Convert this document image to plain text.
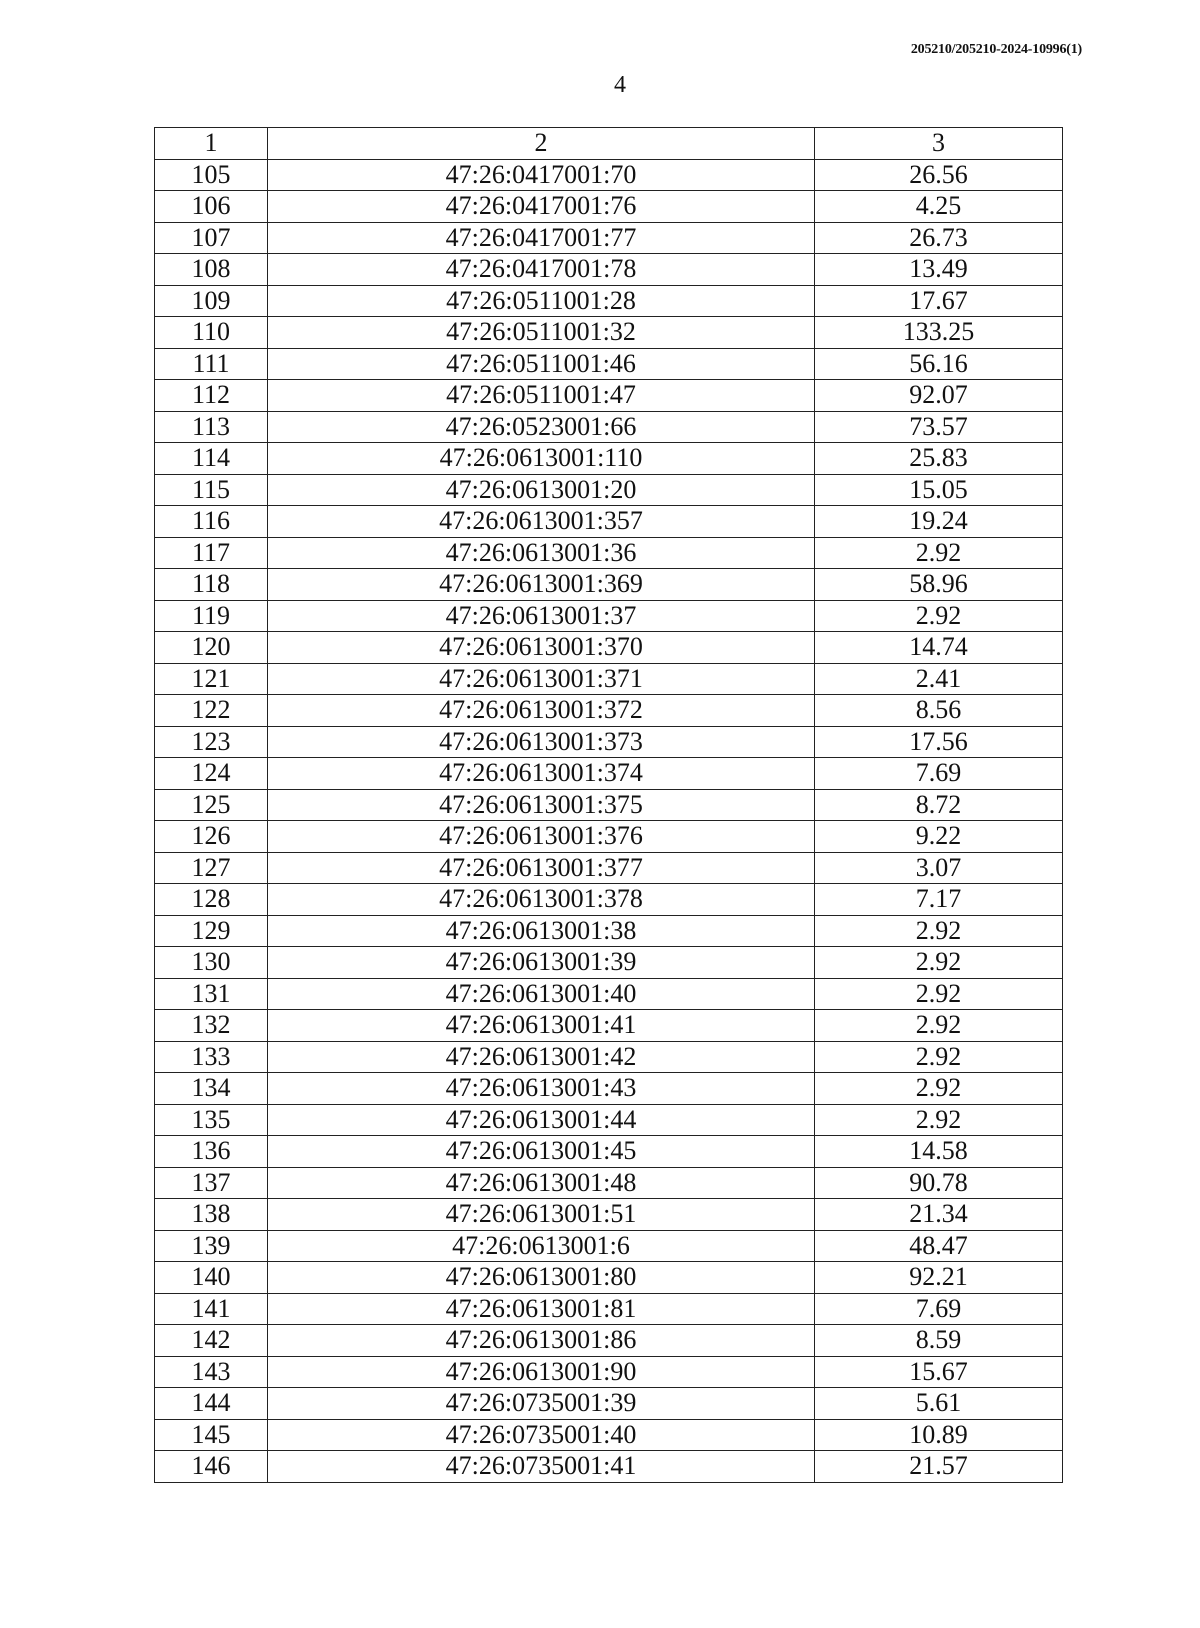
205210/205210-2024-10996(1)
4
1	2	3
105	47:26:0417001:70	26.56
106	47:26:0417001:76	4.25
107	47:26:0417001:77	26.73
108	47:26:0417001:78	13.49
109	47:26:0511001:28	17.67
110	47:26:0511001:32	133.25
111	47:26:0511001:46	56.16
112	47:26:0511001:47	92.07
113	47:26:0523001:66	73.57
114	47:26:0613001:110	25.83
115	47:26:0613001:20	15.05
116	47:26:0613001:357	19.24
117	47:26:0613001:36	2.92
118	47:26:0613001:369	58.96
119	47:26:0613001:37	2.92
120	47:26:0613001:370	14.74
121	47:26:0613001:371	2.41
122	47:26:0613001:372	8.56
123	47:26:0613001:373	17.56
124	47:26:0613001:374	7.69
125	47:26:0613001:375	8.72
126	47:26:0613001:376	9.22
127	47:26:0613001:377	3.07
128	47:26:0613001:378	7.17
129	47:26:0613001:38	2.92
130	47:26:0613001:39	2.92
131	47:26:0613001:40	2.92
132	47:26:0613001:41	2.92
133	47:26:0613001:42	2.92
134	47:26:0613001:43	2.92
135	47:26:0613001:44	2.92
136	47:26:0613001:45	14.58
137	47:26:0613001:48	90.78
138	47:26:0613001:51	21.34
139	47:26:0613001:6	48.47
140	47:26:0613001:80	92.21
141	47:26:0613001:81	7.69
142	47:26:0613001:86	8.59
143	47:26:0613001:90	15.67
144	47:26:0735001:39	5.61
145	47:26:0735001:40	10.89
146	47:26:0735001:41	21.57
